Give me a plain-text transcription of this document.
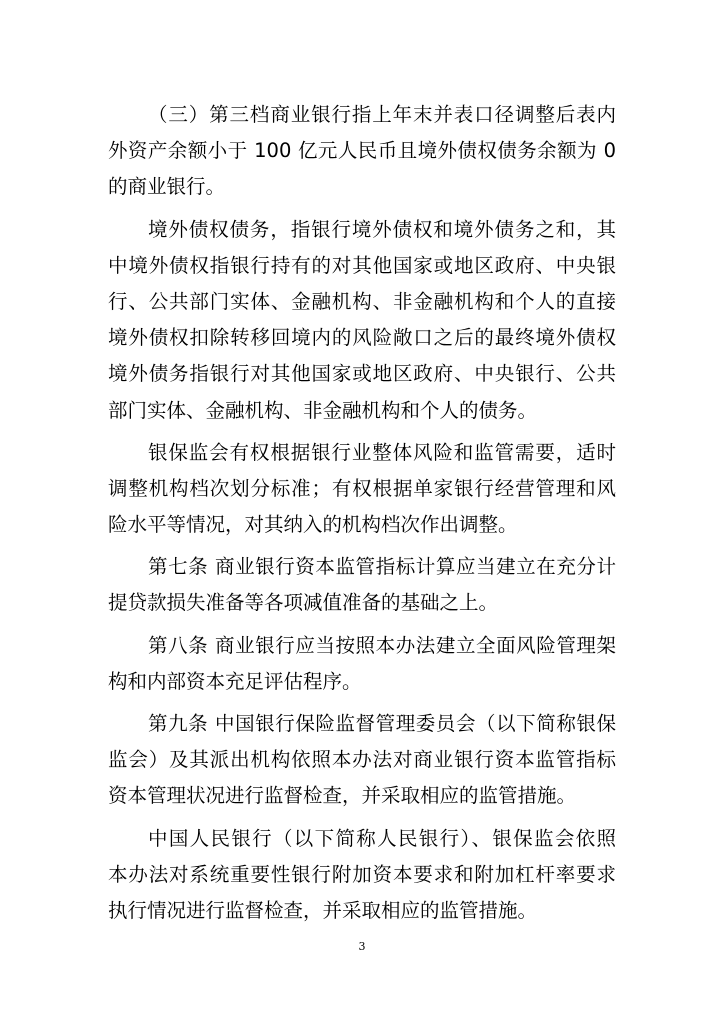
（三）第三档商业银行指上年末并表口径调整后表内
外资产余额小于 100 亿元人民币且境外债权债务余额为 0
的商业银行。
境外债权债务，指银行境外债权和境外债务之和，其
中境外债权指银行持有的对其他国家或地区政府、中央银
行、公共部门实体、金融机构、非金融机构和个人的直接
境外债权扣除转移回境内的风险敞口之后的最终境外债权
境外债务指银行对其他国家或地区政府、中央银行、公共
部门实体、金融机构、非金融机构和个人的债务。
银保监会有权根据银行业整体风险和监管需要，适时
调整机构档次划分标准；有权根据单家银行经营管理和风
险水平等情况，对其纳入的机构档次作出调整。
第七条 商业银行资本监管指标计算应当建立在充分计
提贷款损失准备等各项减值准备的基础之上。
第八条 商业银行应当按照本办法建立全面风险管理架
构和内部资本充足评估程序。
第九条 中国银行保险监督管理委员会（以下简称银保
监会）及其派出机构依照本办法对商业银行资本监管指标
资本管理状况进行监督检查，并采取相应的监管措施。
中国人民银行（以下简称人民银行）、银保监会依照
本办法对系统重要性银行附加资本要求和附加杠杆率要求
执行情况进行监督检查，并采取相应的监管措施。
3
